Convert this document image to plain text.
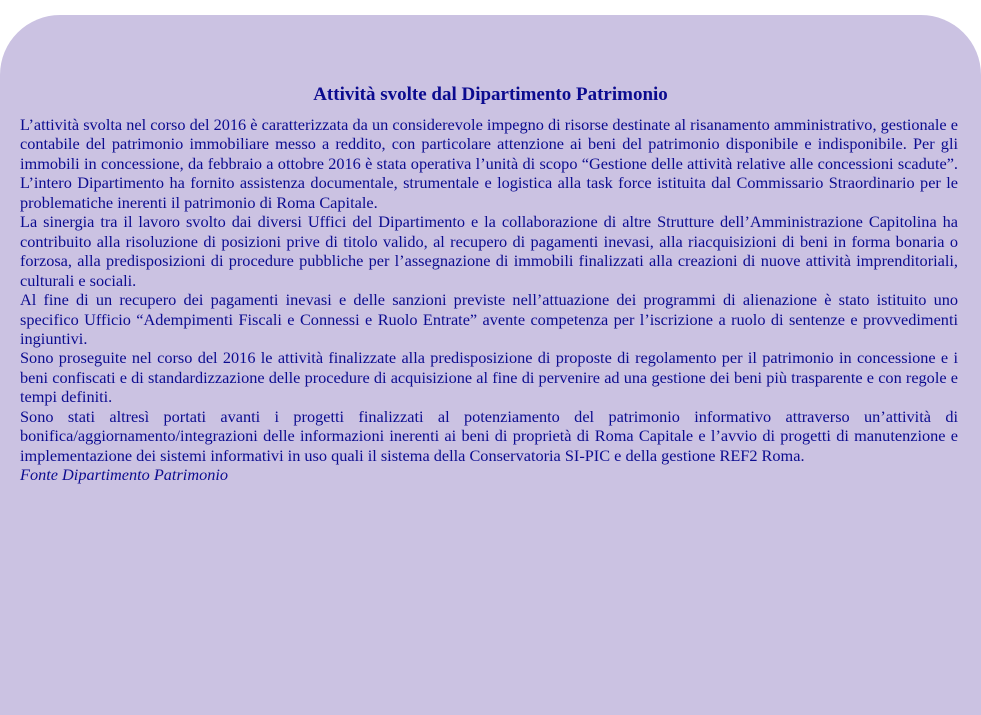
Attività svolte dal Dipartimento Patrimonio

L’attività svolta nel corso del 2016 è caratterizzata da un considerevole impegno di risorse destinate al risanamento amministrativo, gestionale e contabile del patrimonio immobiliare messo a reddito, con particolare attenzione ai beni del patrimonio disponibile e indisponibile. Per gli immobili in concessione, da febbraio a ottobre 2016 è stata operativa l’unità di scopo “Gestione delle attività relative alle concessioni scadute”. L’intero Dipartimento ha fornito assistenza documentale, strumentale e logistica alla task force istituita dal Commissario Straordinario per le problematiche inerenti il patrimonio di Roma Capitale.

La sinergia tra il lavoro svolto dai diversi Uffici del Dipartimento e la collaborazione di altre Strutture dell’Amministrazione Capitolina ha contribuito alla risoluzione di posizioni prive di titolo valido, al recupero di pagamenti inevasi, alla riacquisizioni di beni in forma bonaria o forzosa, alla predisposizioni di procedure pubbliche per l’assegnazione di immobili finalizzati alla creazioni di nuove attività imprenditoriali, culturali e sociali.

Al fine di un recupero dei pagamenti inevasi e delle sanzioni previste nell’attuazione dei programmi di alienazione è stato istituito uno specifico Ufficio “Adempimenti Fiscali e Connessi e Ruolo Entrate” avente competenza per l’iscrizione a ruolo di sentenze e provvedimenti ingiuntivi.

Sono proseguite nel corso del 2016 le attività finalizzate alla predisposizione di proposte di regolamento per il patrimonio in concessione e i beni confiscati e di standardizzazione delle procedure di acquisizione al fine di pervenire ad una gestione dei beni più trasparente e con regole e tempi definiti.

Sono stati altresì portati avanti i progetti finalizzati al potenziamento del patrimonio informativo attraverso un’attività di bonifica/aggiornamento/integrazioni delle informazioni inerenti ai beni di proprietà di Roma Capitale e l’avvio di progetti di manutenzione e implementazione dei sistemi informativi in uso quali il sistema della Conservatoria SI-PIC e della gestione REF2 Roma.

Fonte Dipartimento Patrimonio
